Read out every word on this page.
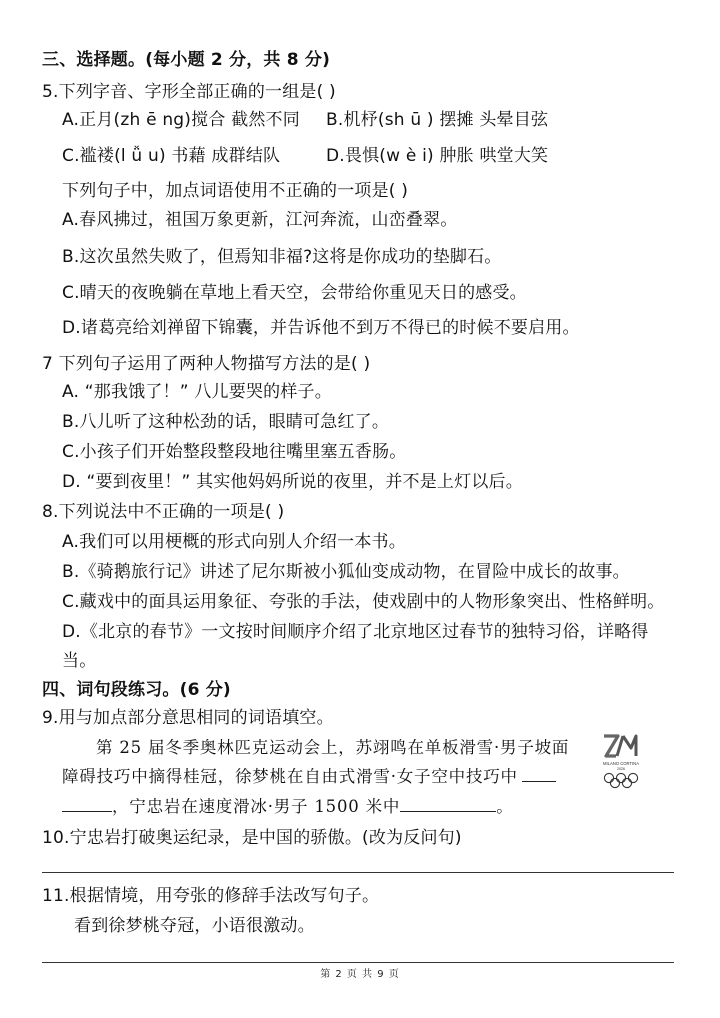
三、选择题。(每小题 2 分，共 8 分)
5.下列字音、字形全部正确的一组是( )
A.正月(zh ē ng)搅合 截然不同 B.机杼(sh ū ) 摆摊 头晕目弦
C.褴褛(l ǚ u) 书藉 成群结队	D.畏惧(w è i) 肿胀 哄堂大笑
下列句子中，加点词语使用不正确的一项是( )
A.春风拂过，祖国万象更新，江河奔流，山峦叠翠。
B.这次虽然失败了，但焉知非福?这将是你成功的垫脚石。
C.晴天的夜晚躺在草地上看天空，会带给你重见天日的感受。
D.诸葛亮给刘禅留下锦囊，并告诉他不到万不得已的时候不要启用。
7 下列句子运用了两种人物描写方法的是( )
A. “那我饿了！” 八儿要哭的样子。
B.八儿听了这种松劲的话，眼睛可急红了。
C.小孩子们开始整段整段地往嘴里塞五香肠。
D. “要到夜里！” 其实他妈妈所说的夜里，并不是上灯以后。
8.下列说法中不正确的一项是( )
A.我们可以用梗概的形式向别人介绍一本书。
B.《骑鹅旅行记》讲述了尼尔斯被小狐仙变成动物，在冒险中成长的故事。
C.藏戏中的面具运用象征、夸张的手法，使戏剧中的人物形象突出、性格鲜明。
D.《北京的春节》一文按时间顺序介绍了北京地区过春节的独特习俗，详略得
当。
四、词句段练习。(6 分)
9.用与加点部分意思相同的词语填空。
第 25 届冬季奥林匹克运动会上，苏翊鸣在单板滑雪·男子坡面
障碍技巧中摘得桂冠，徐梦桃在自由式滑雪·女子空中技巧中
，宁忠岩在速度滑冰·男子 1500 米中	。
MILANO CORTINA
2026
10.宁忠岩打破奥运纪录，是中国的骄傲。(改为反问句)
11.根据情境，用夸张的修辞手法改写句子。
看到徐梦桃夺冠，小语很激动。
第 2 页 共 9 页
